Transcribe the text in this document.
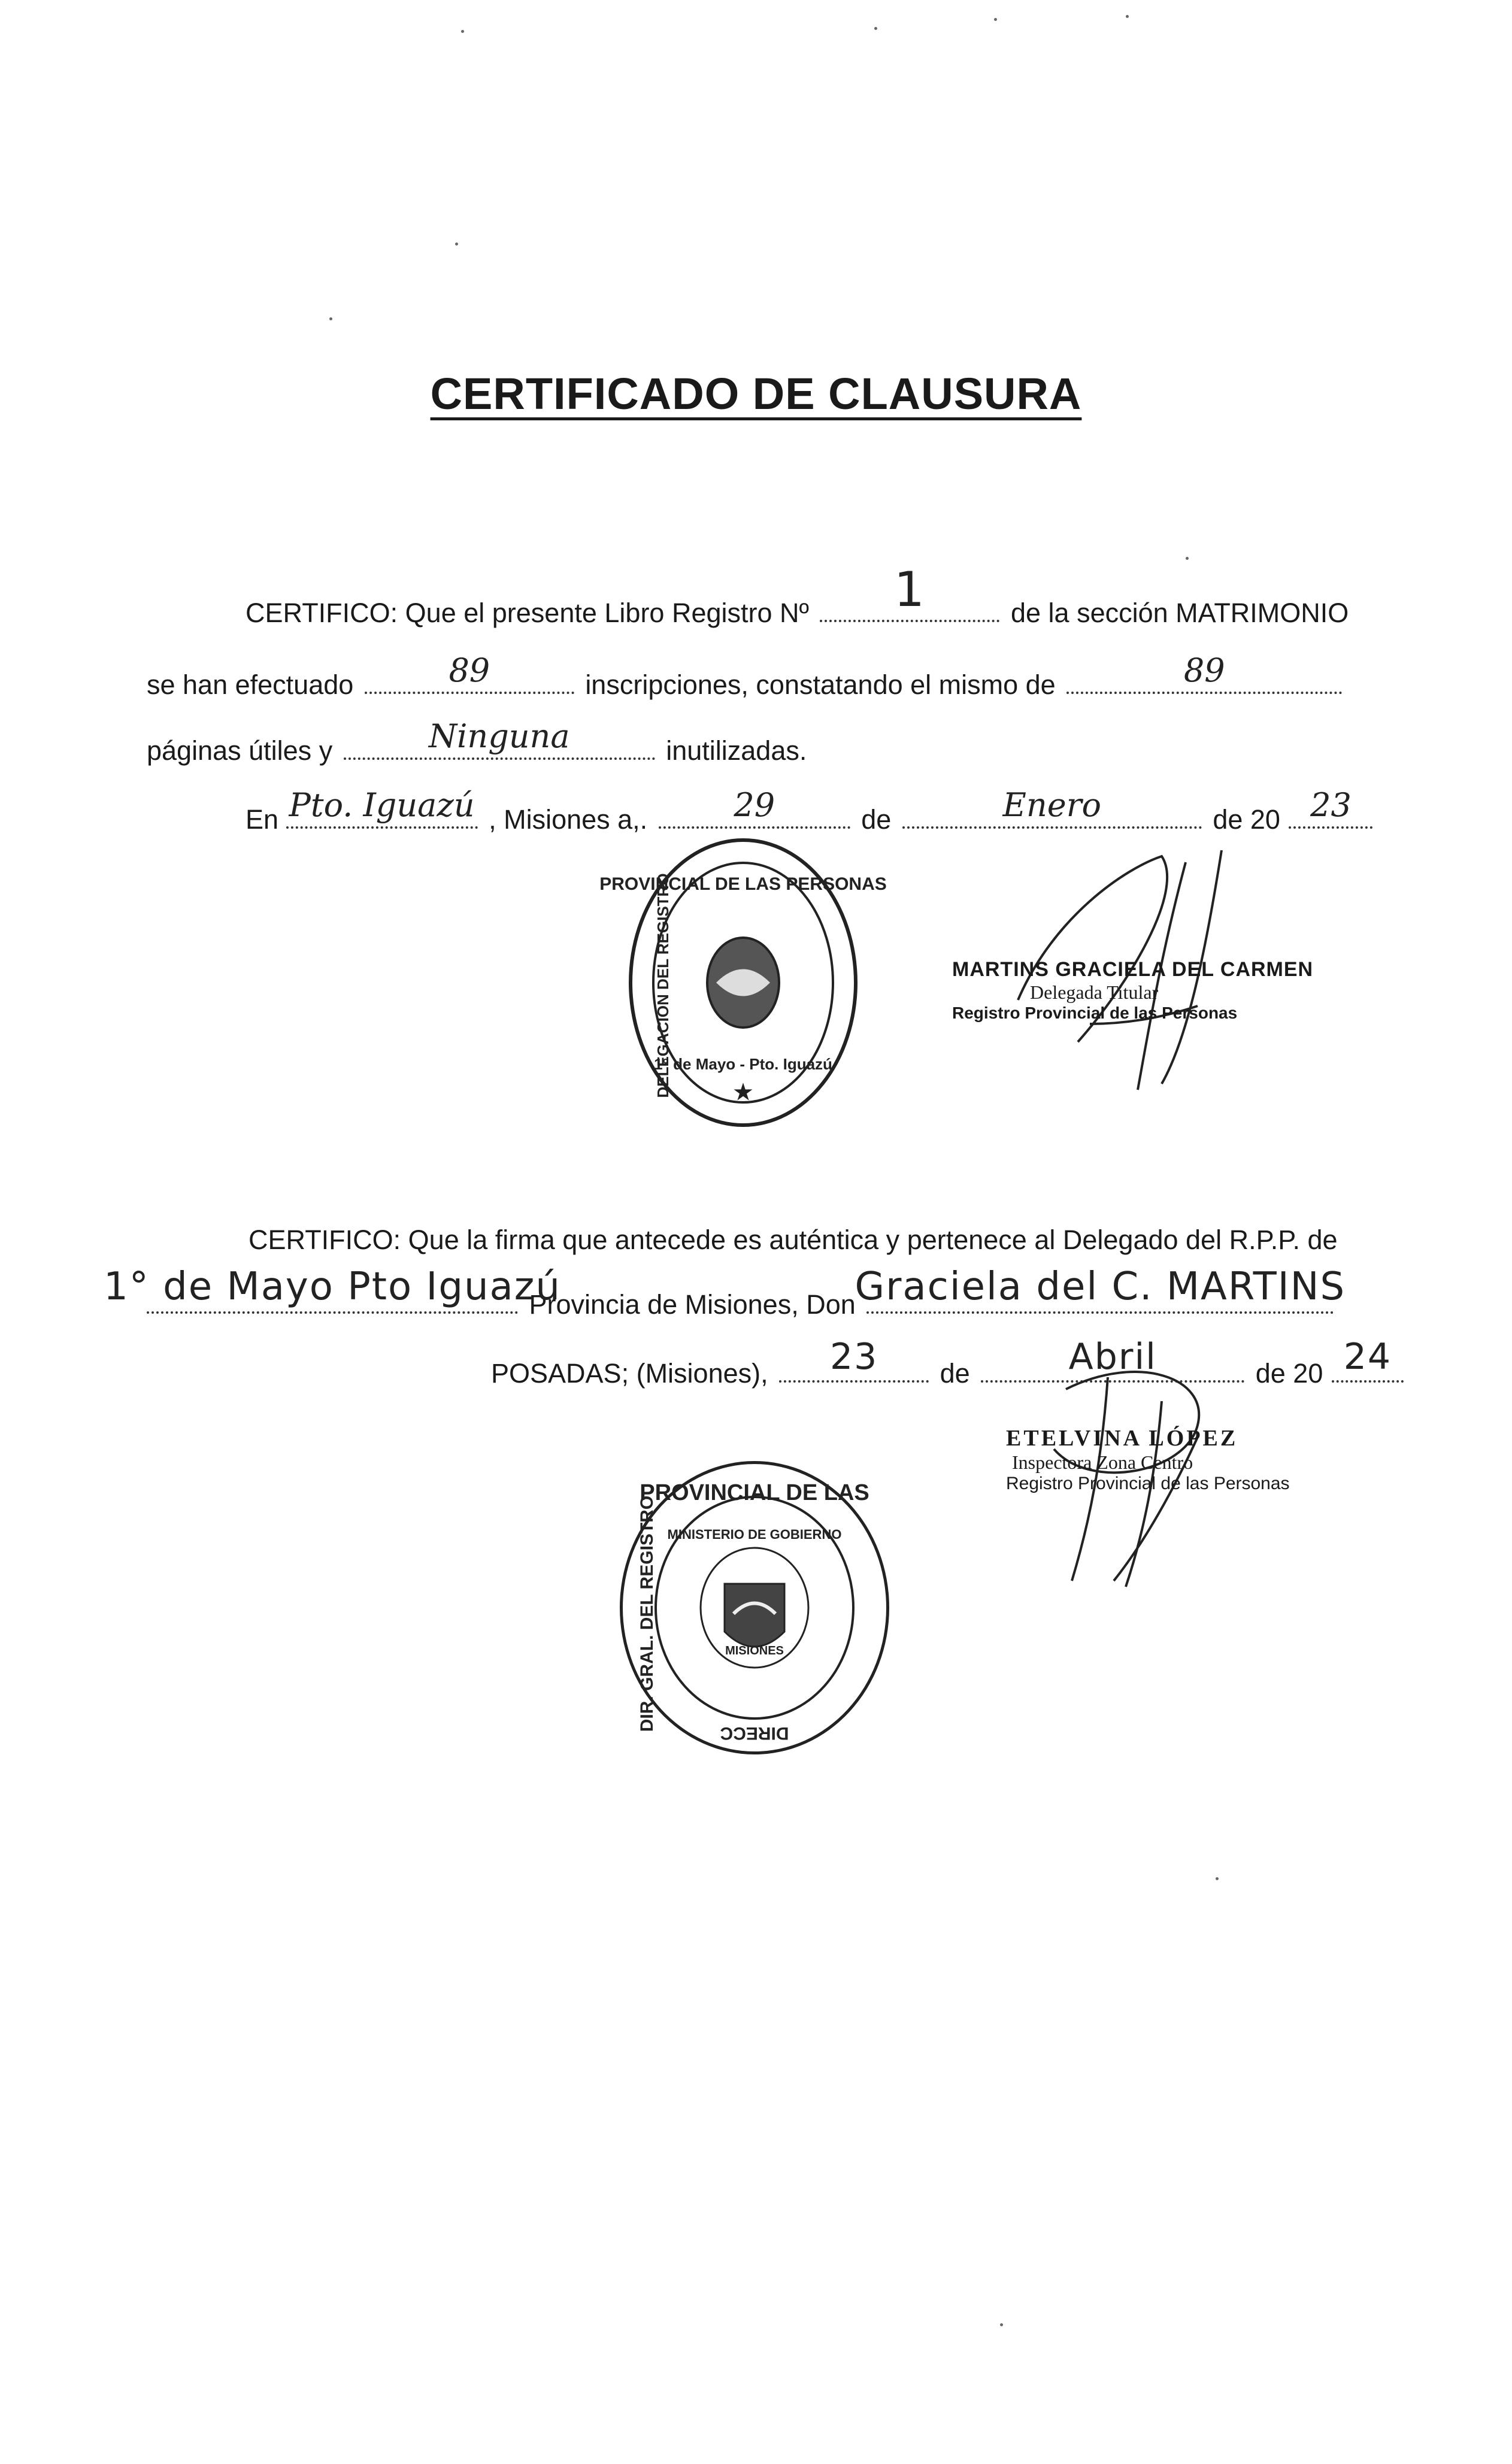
CERTIFICADO DE CLAUSURA
CERTIFICO: Que el presente Libro Registro Nº 1	de la sección MATRIMONIO
se han efectuado	89	inscripciones, constatando el mismo de	89
páginas útiles y	Ninguna	inutilizadas.
En Pto. Iguazú , Misiones a,.	29	de	Enero	de 20 23
PROVINCIAL DE LAS PERSONAS
DELEGACION DEL REGISTRO
1° de Mayo - Pto. Iguazú
★
MARTINS GRACIELA DEL CARMEN
Delegada Titular
Registro Provincial de las Personas
CERTIFICO: Que la firma que antecede es auténtica y pertenece al Delegado del R.P.P. de
1° de Mayo Pto Iguazú
Provincia de Misiones, Don
Graciela del C. MARTINS
POSADAS; (Misiones), 23 de	Abril	de 20 24
ETELVINA LÓPEZ
Inspectora Zona Centro
Registro Provincial de las Personas
PROVINCIAL DE LAS
MINISTERIO DE GOBIERNO
DIR. GRAL. DEL REGISTRO	MISIONES
DIRECC
